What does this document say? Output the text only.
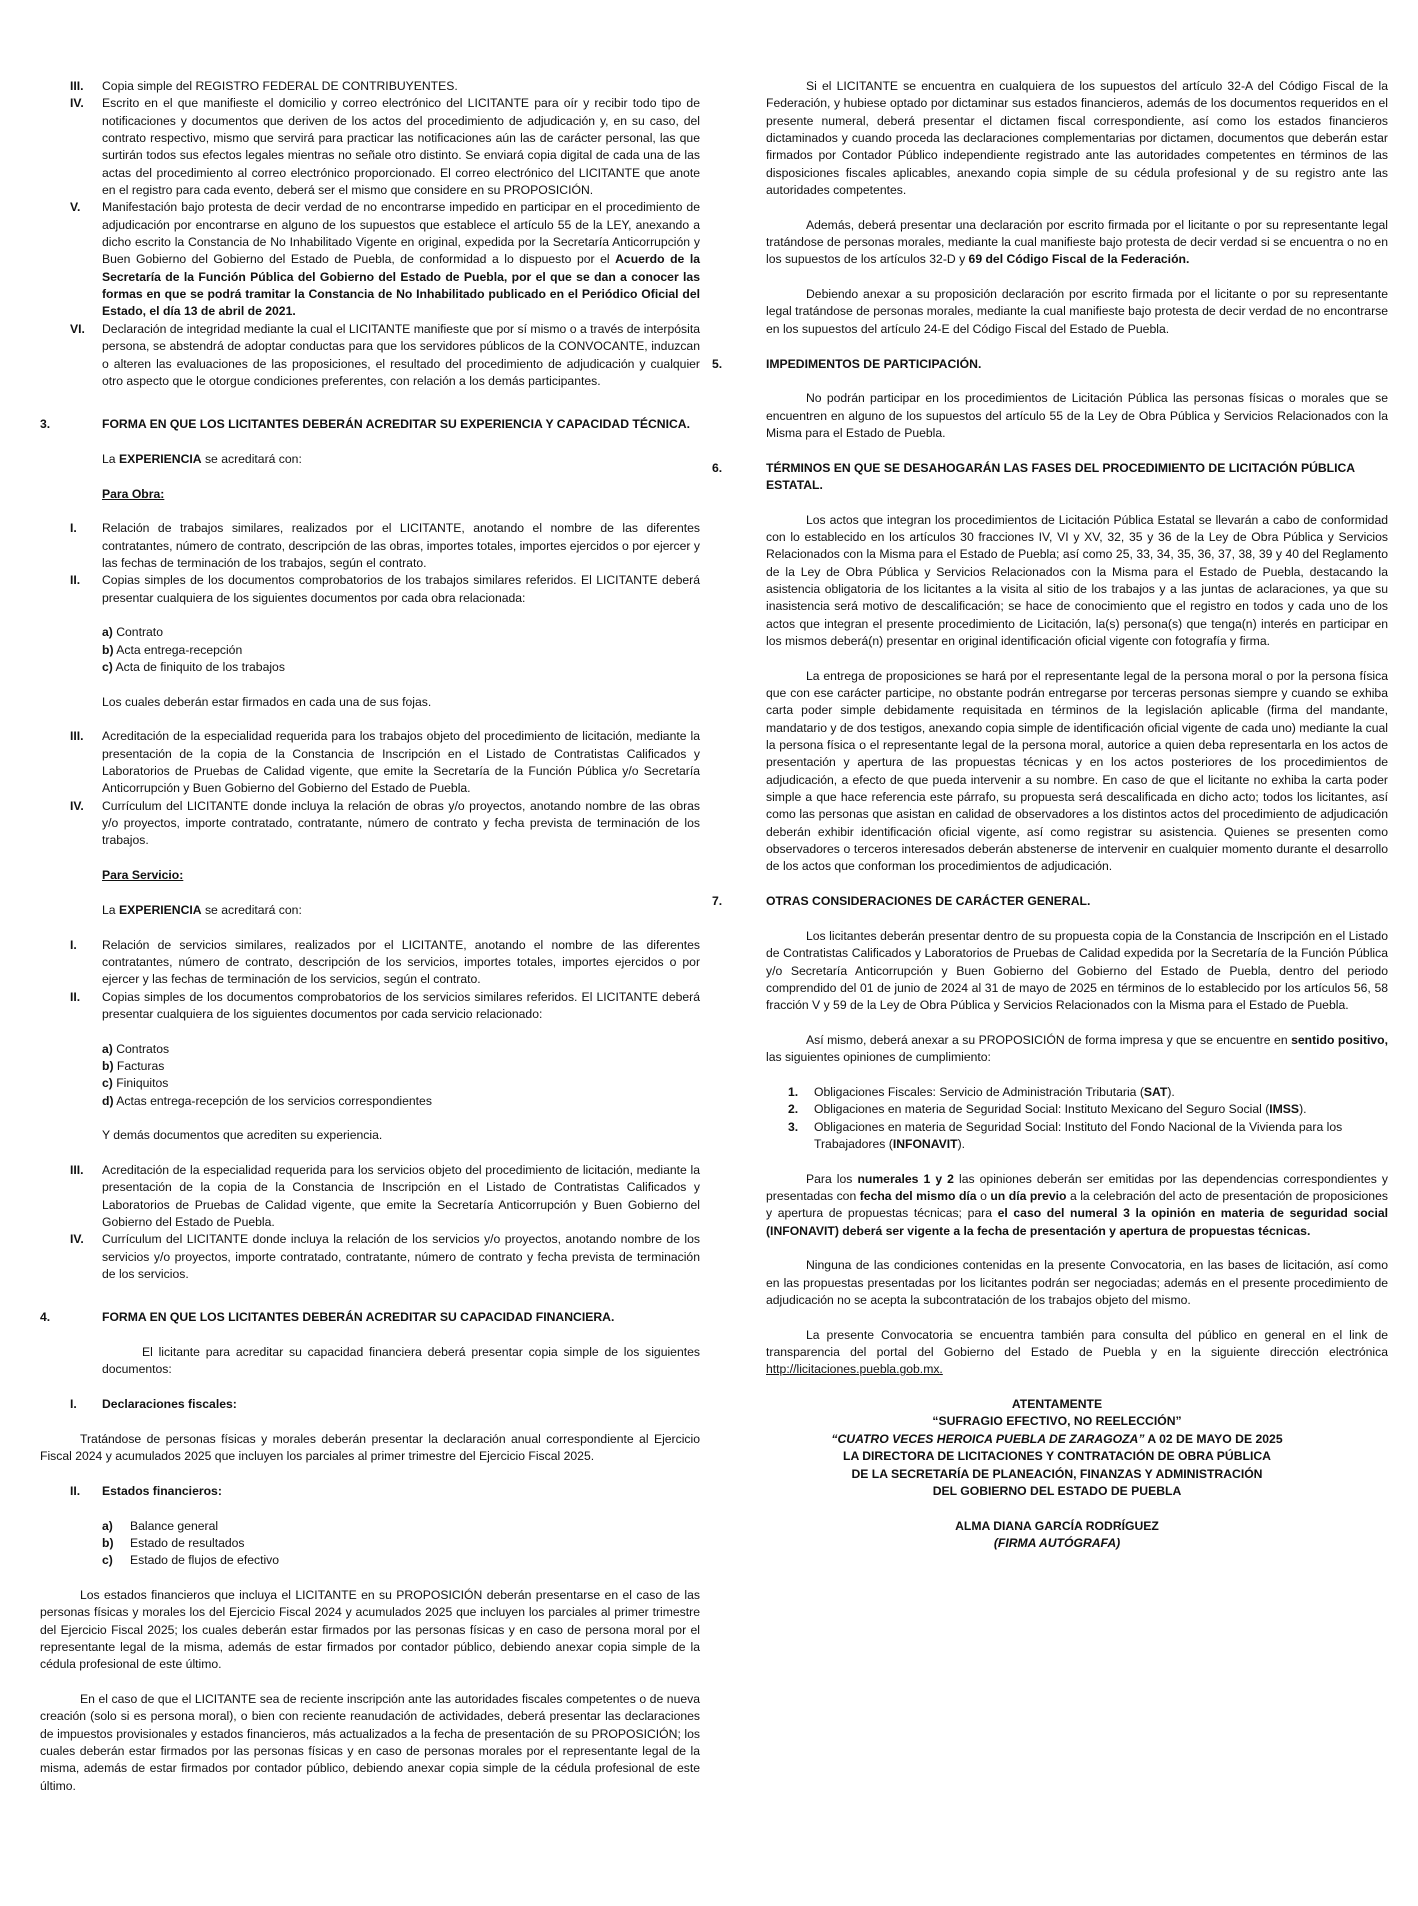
III. Copia simple del REGISTRO FEDERAL DE CONTRIBUYENTES.

IV. Escrito en el que manifieste el domicilio y correo electrónico del LICITANTE para oír y recibir todo tipo de notificaciones y documentos que deriven de los actos del procedimiento de adjudicación y, en su caso, del contrato respectivo, mismo que servirá para practicar las notificaciones aún las de carácter personal, las que surtirán todos sus efectos legales mientras no señale otro distinto. Se enviará copia digital de cada una de las actas del procedimiento al correo electrónico proporcionado. El correo electrónico del LICITANTE que anote en el registro para cada evento, deberá ser el mismo que considere en su PROPOSICIÓN.

V. Manifestación bajo protesta de decir verdad de no encontrarse impedido en participar en el procedimiento de adjudicación por encontrarse en alguno de los supuestos que establece el artículo 55 de la LEY, anexando a dicho escrito la Constancia de No Inhabilitado Vigente en original, expedida por la Secretaría Anticorrupción y Buen Gobierno del Gobierno del Estado de Puebla, de conformidad a lo dispuesto por el Acuerdo de la Secretaría de la Función Pública del Gobierno del Estado de Puebla, por el que se dan a conocer las formas en que se podrá tramitar la Constancia de No Inhabilitado publicado en el Periódico Oficial del Estado, el día 13 de abril de 2021.

VI. Declaración de integridad mediante la cual el LICITANTE manifieste que por sí mismo o a través de interpósita persona, se abstendrá de adoptar conductas para que los servidores públicos de la CONVOCANTE, induzcan o alteren las evaluaciones de las proposiciones, el resultado del procedimiento de adjudicación y cualquier otro aspecto que le otorgue condiciones preferentes, con relación a los demás participantes.

3.	FORMA EN QUE LOS LICITANTES DEBERÁN ACREDITAR SU EXPERIENCIA Y CAPACIDAD TÉCNICA.

La EXPERIENCIA se acreditará con:

Para Obra:

I. Relación de trabajos similares, realizados por el LICITANTE, anotando el nombre de las diferentes contratantes, número de contrato, descripción de las obras, importes totales, importes ejercidos o por ejercer y las fechas de terminación de los trabajos, según el contrato.

II. Copias simples de los documentos comprobatorios de los trabajos similares referidos. El LICITANTE deberá presentar cualquiera de los siguientes documentos por cada obra relacionada:

a) Contrato

b) Acta entrega-recepción

c) Acta de finiquito de los trabajos

Los cuales deberán estar firmados en cada una de sus fojas.

III. Acreditación de la especialidad requerida para los trabajos objeto del procedimiento de licitación, mediante la presentación de la copia de la Constancia de Inscripción en el Listado de Contratistas Calificados y Laboratorios de Pruebas de Calidad vigente, que emite la Secretaría de la Función Pública y/o Secretaría Anticorrupción y Buen Gobierno del Gobierno del Estado de Puebla.

IV. Currículum del LICITANTE donde incluya la relación de obras y/o proyectos, anotando nombre de las obras y/o proyectos, importe contratado, contratante, número de contrato y fecha prevista de terminación de los trabajos.

Para Servicio:

La EXPERIENCIA se acreditará con:

I. Relación de servicios similares, realizados por el LICITANTE, anotando el nombre de las diferentes contratantes, número de contrato, descripción de los servicios, importes totales, importes ejercidos o por ejercer y las fechas de terminación de los servicios, según el contrato.

II. Copias simples de los documentos comprobatorios de los servicios similares referidos. El LICITANTE deberá presentar cualquiera de los siguientes documentos por cada servicio relacionado:

a) Contratos

b) Facturas

c) Finiquitos

d) Actas entrega-recepción de los servicios correspondientes

Y demás documentos que acrediten su experiencia.

III. Acreditación de la especialidad requerida para los servicios objeto del procedimiento de licitación, mediante la presentación de la copia de la Constancia de Inscripción en el Listado de Contratistas Calificados y Laboratorios de Pruebas de Calidad vigente, que emite la Secretaría Anticorrupción y Buen Gobierno del Gobierno del Estado de Puebla.

IV. Currículum del LICITANTE donde incluya la relación de los servicios y/o proyectos, anotando nombre de los servicios y/o proyectos, importe contratado, contratante, número de contrato y fecha prevista de terminación de los servicios.

4.	FORMA EN QUE LOS LICITANTES DEBERÁN ACREDITAR SU CAPACIDAD FINANCIERA.

El licitante para acreditar su capacidad financiera deberá presentar copia simple de los siguientes documentos:

I. Declaraciones fiscales:

Tratándose de personas físicas y morales deberán presentar la declaración anual correspondiente al Ejercicio Fiscal 2024 y acumulados 2025 que incluyen los parciales al primer trimestre del Ejercicio Fiscal 2025.

II. Estados financieros:

a) Balance general
b) Estado de resultados
c) Estado de flujos de efectivo

Los estados financieros que incluya el LICITANTE en su PROPOSICIÓN deberán presentarse en el caso de las personas físicas y morales los del Ejercicio Fiscal 2024 y acumulados 2025 que incluyen los parciales al primer trimestre del Ejercicio Fiscal 2025; los cuales deberán estar firmados por las personas físicas y en caso de persona moral por el representante legal de la misma, además de estar firmados por contador público, debiendo anexar copia simple de la cédula profesional de este último.

En el caso de que el LICITANTE sea de reciente inscripción ante las autoridades fiscales competentes o de nueva creación (solo si es persona moral), o bien con reciente reanudación de actividades, deberá presentar las declaraciones de impuestos provisionales y estados financieros, más actualizados a la fecha de presentación de su PROPOSICIÓN; los cuales deberán estar firmados por las personas físicas y en caso de personas morales por el representante legal de la misma, además de estar firmados por contador público, debiendo anexar copia simple de la cédula profesional de este último.

Si el LICITANTE se encuentra en cualquiera de los supuestos del artículo 32-A del Código Fiscal de la Federación, y hubiese optado por dictaminar sus estados financieros, además de los documentos requeridos en el presente numeral, deberá presentar el dictamen fiscal correspondiente, así como los estados financieros dictaminados y cuando proceda las declaraciones complementarias por dictamen, documentos que deberán estar firmados por Contador Público independiente registrado ante las autoridades competentes en términos de las disposiciones fiscales aplicables, anexando copia simple de su cédula profesional y de su registro ante las autoridades competentes.

Además, deberá presentar una declaración por escrito firmada por el licitante o por su representante legal tratándose de personas morales, mediante la cual manifieste bajo protesta de decir verdad si se encuentra o no en los supuestos de los artículos 32-D y 69 del Código Fiscal de la Federación.

Debiendo anexar a su proposición declaración por escrito firmada por el licitante o por su representante legal tratándose de personas morales, mediante la cual manifieste bajo protesta de decir verdad de no encontrarse en los supuestos del artículo 24-E del Código Fiscal del Estado de Puebla.

5.	IMPEDIMENTOS DE PARTICIPACIÓN.

No podrán participar en los procedimientos de Licitación Pública las personas físicas o morales que se encuentren en alguno de los supuestos del artículo 55 de la Ley de Obra Pública y Servicios Relacionados con la Misma para el Estado de Puebla.

6.	TÉRMINOS EN QUE SE DESAHOGARÁN LAS FASES DEL PROCEDIMIENTO DE LICITACIÓN PÚBLICA ESTATAL.

Los actos que integran los procedimientos de Licitación Pública Estatal se llevarán a cabo de conformidad con lo establecido en los artículos 30 fracciones IV, VI y XV, 32, 35 y 36 de la Ley de Obra Pública y Servicios Relacionados con la Misma para el Estado de Puebla; así como 25, 33, 34, 35, 36, 37, 38, 39 y 40 del Reglamento de la Ley de Obra Pública y Servicios Relacionados con la Misma para el Estado de Puebla, destacando la asistencia obligatoria de los licitantes a la visita al sitio de los trabajos y a las juntas de aclaraciones, ya que su inasistencia será motivo de descalificación; se hace de conocimiento que el registro en todos y cada uno de los actos que integran el presente procedimiento de Licitación, la(s) persona(s) que tenga(n) interés en participar en los mismos deberá(n) presentar en original identificación oficial vigente con fotografía y firma.

La entrega de proposiciones se hará por el representante legal de la persona moral o por la persona física que con ese carácter participe, no obstante podrán entregarse por terceras personas siempre y cuando se exhiba carta poder simple debidamente requisitada en términos de la legislación aplicable (firma del mandante, mandatario y de dos testigos, anexando copia simple de identificación oficial vigente de cada uno) mediante la cual la persona física o el representante legal de la persona moral, autorice a quien deba representarla en los actos de presentación y apertura de las propuestas técnicas y en los actos posteriores de los procedimientos de adjudicación, a efecto de que pueda intervenir a su nombre. En caso de que el licitante no exhiba la carta poder simple a que hace referencia este párrafo, su propuesta será descalificada en dicho acto; todos los licitantes, así como las personas que asistan en calidad de observadores a los distintos actos del procedimiento de adjudicación deberán exhibir identificación oficial vigente, así como registrar su asistencia. Quienes se presenten como observadores o terceros interesados deberán abstenerse de intervenir en cualquier momento durante el desarrollo de los actos que conforman los procedimientos de adjudicación.

7.	OTRAS CONSIDERACIONES DE CARÁCTER GENERAL.

Los licitantes deberán presentar dentro de su propuesta copia de la Constancia de Inscripción en el Listado de Contratistas Calificados y Laboratorios de Pruebas de Calidad expedida por la Secretaría de la Función Pública y/o Secretaría Anticorrupción y Buen Gobierno del Gobierno del Estado de Puebla, dentro del periodo comprendido del 01 de junio de 2024 al 31 de mayo de 2025 en términos de lo establecido por los artículos 56, 58 fracción V y 59 de la Ley de Obra Pública y Servicios Relacionados con la Misma para el Estado de Puebla.

Así mismo, deberá anexar a su PROPOSICIÓN de forma impresa y que se encuentre en sentido positivo, las siguientes opiniones de cumplimiento:

1. Obligaciones Fiscales: Servicio de Administración Tributaria (SAT).
2. Obligaciones en materia de Seguridad Social: Instituto Mexicano del Seguro Social (IMSS).
3. Obligaciones en materia de Seguridad Social: Instituto del Fondo Nacional de la Vivienda para los Trabajadores (INFONAVIT).

Para los numerales 1 y 2 las opiniones deberán ser emitidas por las dependencias correspondientes y presentadas con fecha del mismo día o un día previo a la celebración del acto de presentación de proposiciones y apertura de propuestas técnicas; para el caso del numeral 3 la opinión en materia de seguridad social (INFONAVIT) deberá ser vigente a la fecha de presentación y apertura de propuestas técnicas.

Ninguna de las condiciones contenidas en la presente Convocatoria, en las bases de licitación, así como en las propuestas presentadas por los licitantes podrán ser negociadas; además en el presente procedimiento de adjudicación no se acepta la subcontratación de los trabajos objeto del mismo.

La presente Convocatoria se encuentra también para consulta del público en general en el link de transparencia del portal del Gobierno del Estado de Puebla y en la siguiente dirección electrónica http://licitaciones.puebla.gob.mx.

ATENTAMENTE
“SUFRAGIO EFECTIVO, NO REELECCIÓN”
“CUATRO VECES HEROICA PUEBLA DE ZARAGOZA” A 02 DE MAYO DE 2025
LA DIRECTORA DE LICITACIONES Y CONTRATACIÓN DE OBRA PÚBLICA
DE LA SECRETARÍA DE PLANEACIÓN, FINANZAS Y ADMINISTRACIÓN
DEL GOBIERNO DEL ESTADO DE PUEBLA
ALMA DIANA GARCÍA RODRÍGUEZ
(FIRMA AUTÓGRAFA)
